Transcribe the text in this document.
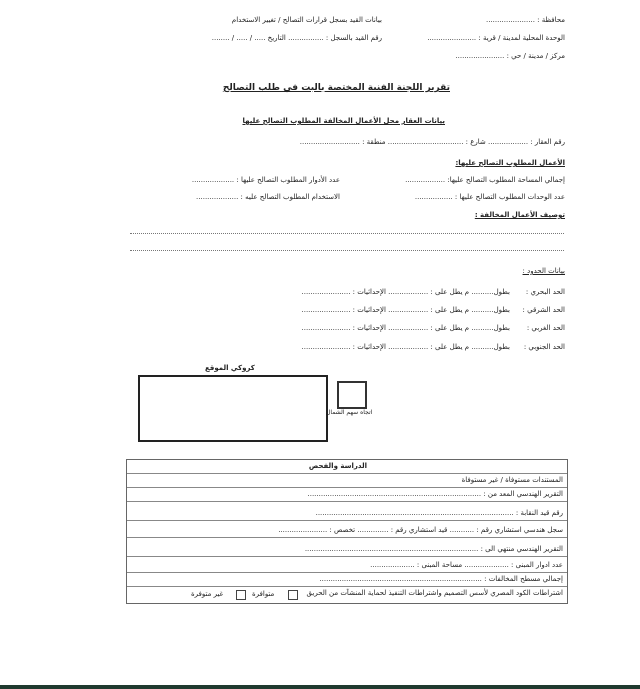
محافظة : ......................
الوحدة المحلية لمدينة / قرية : ......................
مركز / مدينة / حي : ......................
بيانات القيد بسجل قرارات التصالح / تغيير الاستخدام
رقم القيد بالسجل : ................ التاريخ ..... / ..... / ........
تقرير اللجنة الفنية المختصة بالبت في طلب التصالح
بيانات العقار محل الأعمال المخالفة المطلوب التصالح عليها
رقم العقار : .................. شارع : .................................. منطقة : ...........................
الأعمال المطلوب التصالح عليها:
إجمالي المساحة المطلوب التصالح عليها: ..................
عدد الأدوار المطلوب التصالح عليها : ...................
عدد الوحدات المطلوب التصالح عليها : .................
الاستخدام المطلوب التصالح عليه : ...................
توصيف الأعمال المخالفة :
بيانات الحدود :
الحد البحري :
بطول.......... م يطل على : .................. الإحداثيات : ......................
الحد الشرقي :
بطول.......... م يطل على : .................. الإحداثيات : ......................
الحد الغربي :
بطول.......... م يطل على : .................. الإحداثيات : ......................
الحد الجنوبي :
بطول.......... م يطل على : .................. الإحداثيات : ......................
كروكي الموقع
اتجاه سهم الشمال
الدراسة والفحص
المستندات مستوفاة / غير مستوفاة
التقرير الهندسي المعد من : ..............................................................................
رقم قيد النقابة : .........................................................................................
سجل هندسي استشاري رقم : ........... قيد استشاري رقم : .............. تخصص : ......................
التقرير الهندسي منتهي الى : ..............................................................................
عدد ادوار المبنى : .................... مساحة المبنى : ....................
إجمالي مسطح المخالفات : .........................................................................
اشتراطات الكود المصري لأسس التصميم واشتراطات التنفيذ لحماية المنشآت من الحريق
متوافرة
غير متوفرة
